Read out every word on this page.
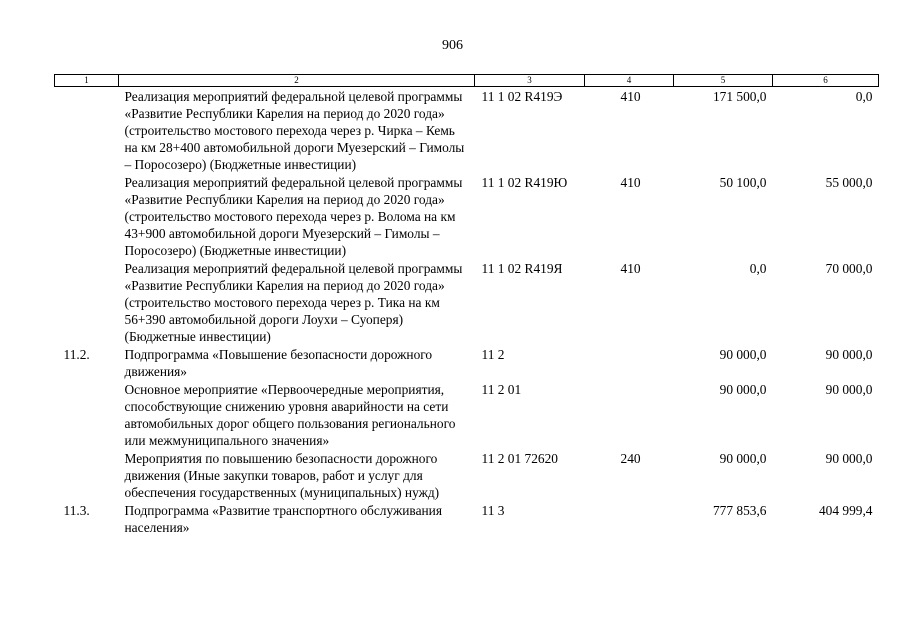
906
1	2	3	4	5	6
	Реализация мероприятий федеральной целевой программы «Развитие Республики Карелия на период до 2020 года» (строительство мостового перехода через р. Чирка – Кемь на км 28+400 автомобильной дороги Муезерский – Гимолы – Поросозеро) (Бюджетные инвестиции)	11 1 02 R419Э	410	171 500,0	0,0
	Реализация мероприятий федеральной целевой программы «Развитие Республики Карелия на период до 2020 года» (строительство мостового перехода через р. Волома на км 43+900 автомобильной дороги Муезерский – Гимолы – Поросозеро) (Бюджетные инвестиции)	11 1 02 R419Ю	410	50 100,0	55 000,0
	Реализация мероприятий федеральной целевой программы «Развитие Республики Карелия на период до 2020 года» (строительство мостового перехода через р. Тика на км 56+390 автомобильной дороги Лоухи – Суоперя) (Бюджетные инвестиции)	11 1 02 R419Я	410	0,0	70 000,0
11.2.	Подпрограмма «Повышение безопасности дорожного движения»	11 2		90 000,0	90 000,0
	Основное мероприятие «Первоочередные мероприятия, способствующие снижению уровня аварийности на сети автомобильных дорог общего пользования регионального или межмуниципального значения»	11 2 01		90 000,0	90 000,0
	Мероприятия по повышению безопасности дорожного движения (Иные закупки товаров, работ и услуг для обеспечения государственных (муниципальных) нужд)	11 2 01 72620	240	90 000,0	90 000,0
11.3.	Подпрограмма «Развитие транспортного обслуживания населения»	11 3		777 853,6	404 999,4
